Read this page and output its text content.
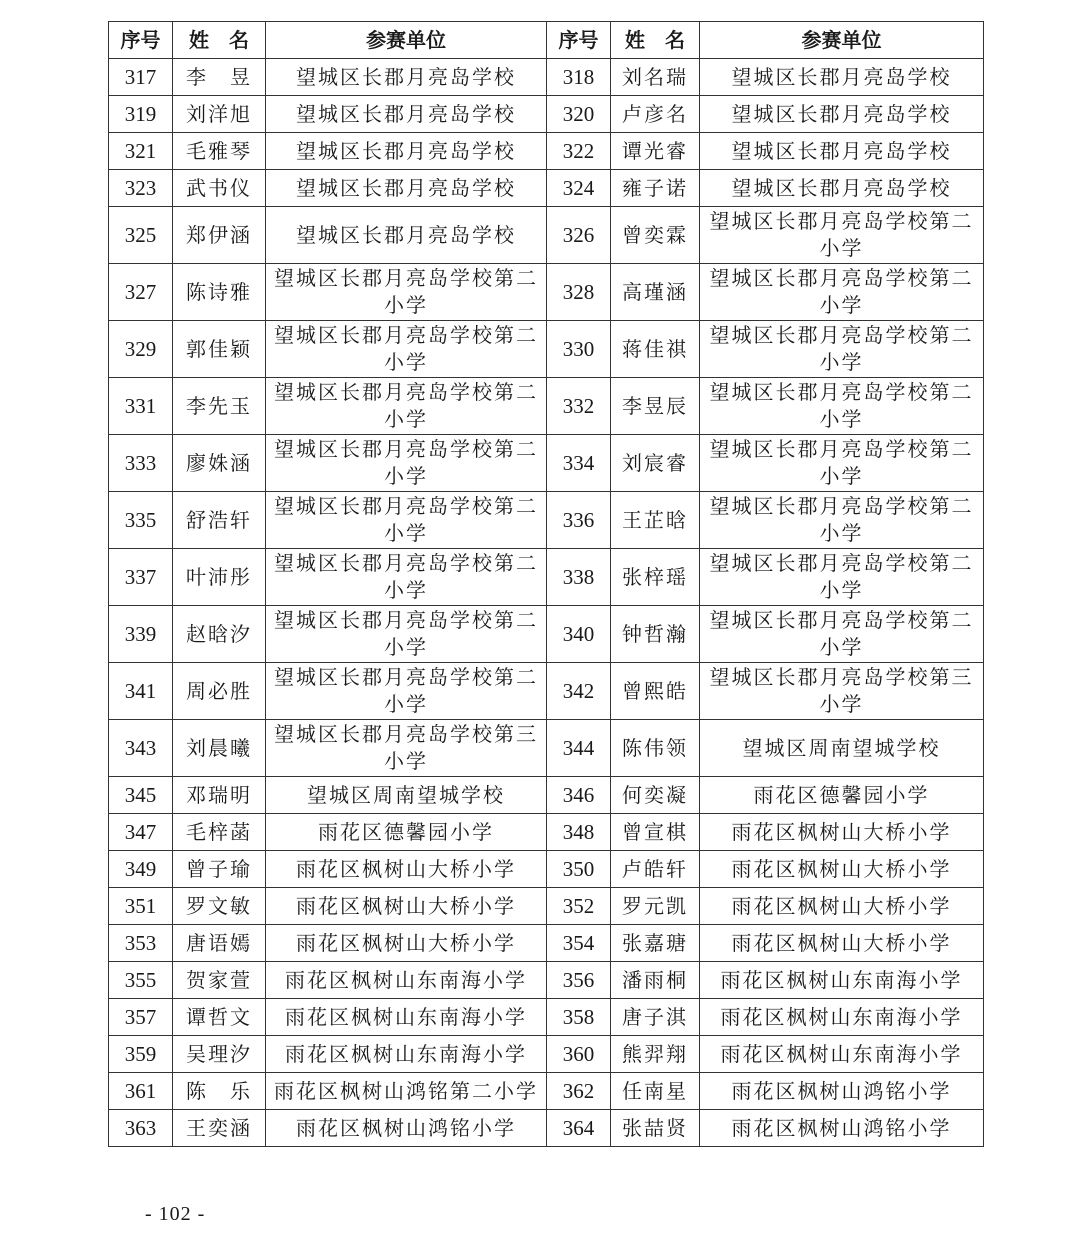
序号	姓　名	参赛单位	序号	姓　名	参赛单位
317	李　昱	望城区长郡月亮岛学校	318	刘名瑞	望城区长郡月亮岛学校
319	刘洋旭	望城区长郡月亮岛学校	320	卢彦名	望城区长郡月亮岛学校
321	毛雅琴	望城区长郡月亮岛学校	322	谭光睿	望城区长郡月亮岛学校
323	武书仪	望城区长郡月亮岛学校	324	雍子诺	望城区长郡月亮岛学校
325	郑伊涵	望城区长郡月亮岛学校	326	曾奕霖	望城区长郡月亮岛学校第二小学
327	陈诗雅	望城区长郡月亮岛学校第二小学	328	高瑾涵	望城区长郡月亮岛学校第二小学
329	郭佳颖	望城区长郡月亮岛学校第二小学	330	蒋佳祺	望城区长郡月亮岛学校第二小学
331	李先玉	望城区长郡月亮岛学校第二小学	332	李昱辰	望城区长郡月亮岛学校第二小学
333	廖姝涵	望城区长郡月亮岛学校第二小学	334	刘宸睿	望城区长郡月亮岛学校第二小学
335	舒浩轩	望城区长郡月亮岛学校第二小学	336	王芷晗	望城区长郡月亮岛学校第二小学
337	叶沛彤	望城区长郡月亮岛学校第二小学	338	张梓瑶	望城区长郡月亮岛学校第二小学
339	赵晗汐	望城区长郡月亮岛学校第二小学	340	钟哲瀚	望城区长郡月亮岛学校第二小学
341	周必胜	望城区长郡月亮岛学校第二小学	342	曾熙皓	望城区长郡月亮岛学校第三小学
343	刘晨曦	望城区长郡月亮岛学校第三小学	344	陈伟领	望城区周南望城学校
345	邓瑞明	望城区周南望城学校	346	何奕凝	雨花区德馨园小学
347	毛梓菡	雨花区德馨园小学	348	曾宣棋	雨花区枫树山大桥小学
349	曾子瑜	雨花区枫树山大桥小学	350	卢皓轩	雨花区枫树山大桥小学
351	罗文敏	雨花区枫树山大桥小学	352	罗元凯	雨花区枫树山大桥小学
353	唐语嫣	雨花区枫树山大桥小学	354	张嘉瑭	雨花区枫树山大桥小学
355	贺家萱	雨花区枫树山东南海小学	356	潘雨桐	雨花区枫树山东南海小学
357	谭哲文	雨花区枫树山东南海小学	358	唐子淇	雨花区枫树山东南海小学
359	吴理汐	雨花区枫树山东南海小学	360	熊羿翔	雨花区枫树山东南海小学
361	陈　乐	雨花区枫树山鸿铭第二小学	362	任南星	雨花区枫树山鸿铭小学
363	王奕涵	雨花区枫树山鸿铭小学	364	张喆贤	雨花区枫树山鸿铭小学
- 102 -
